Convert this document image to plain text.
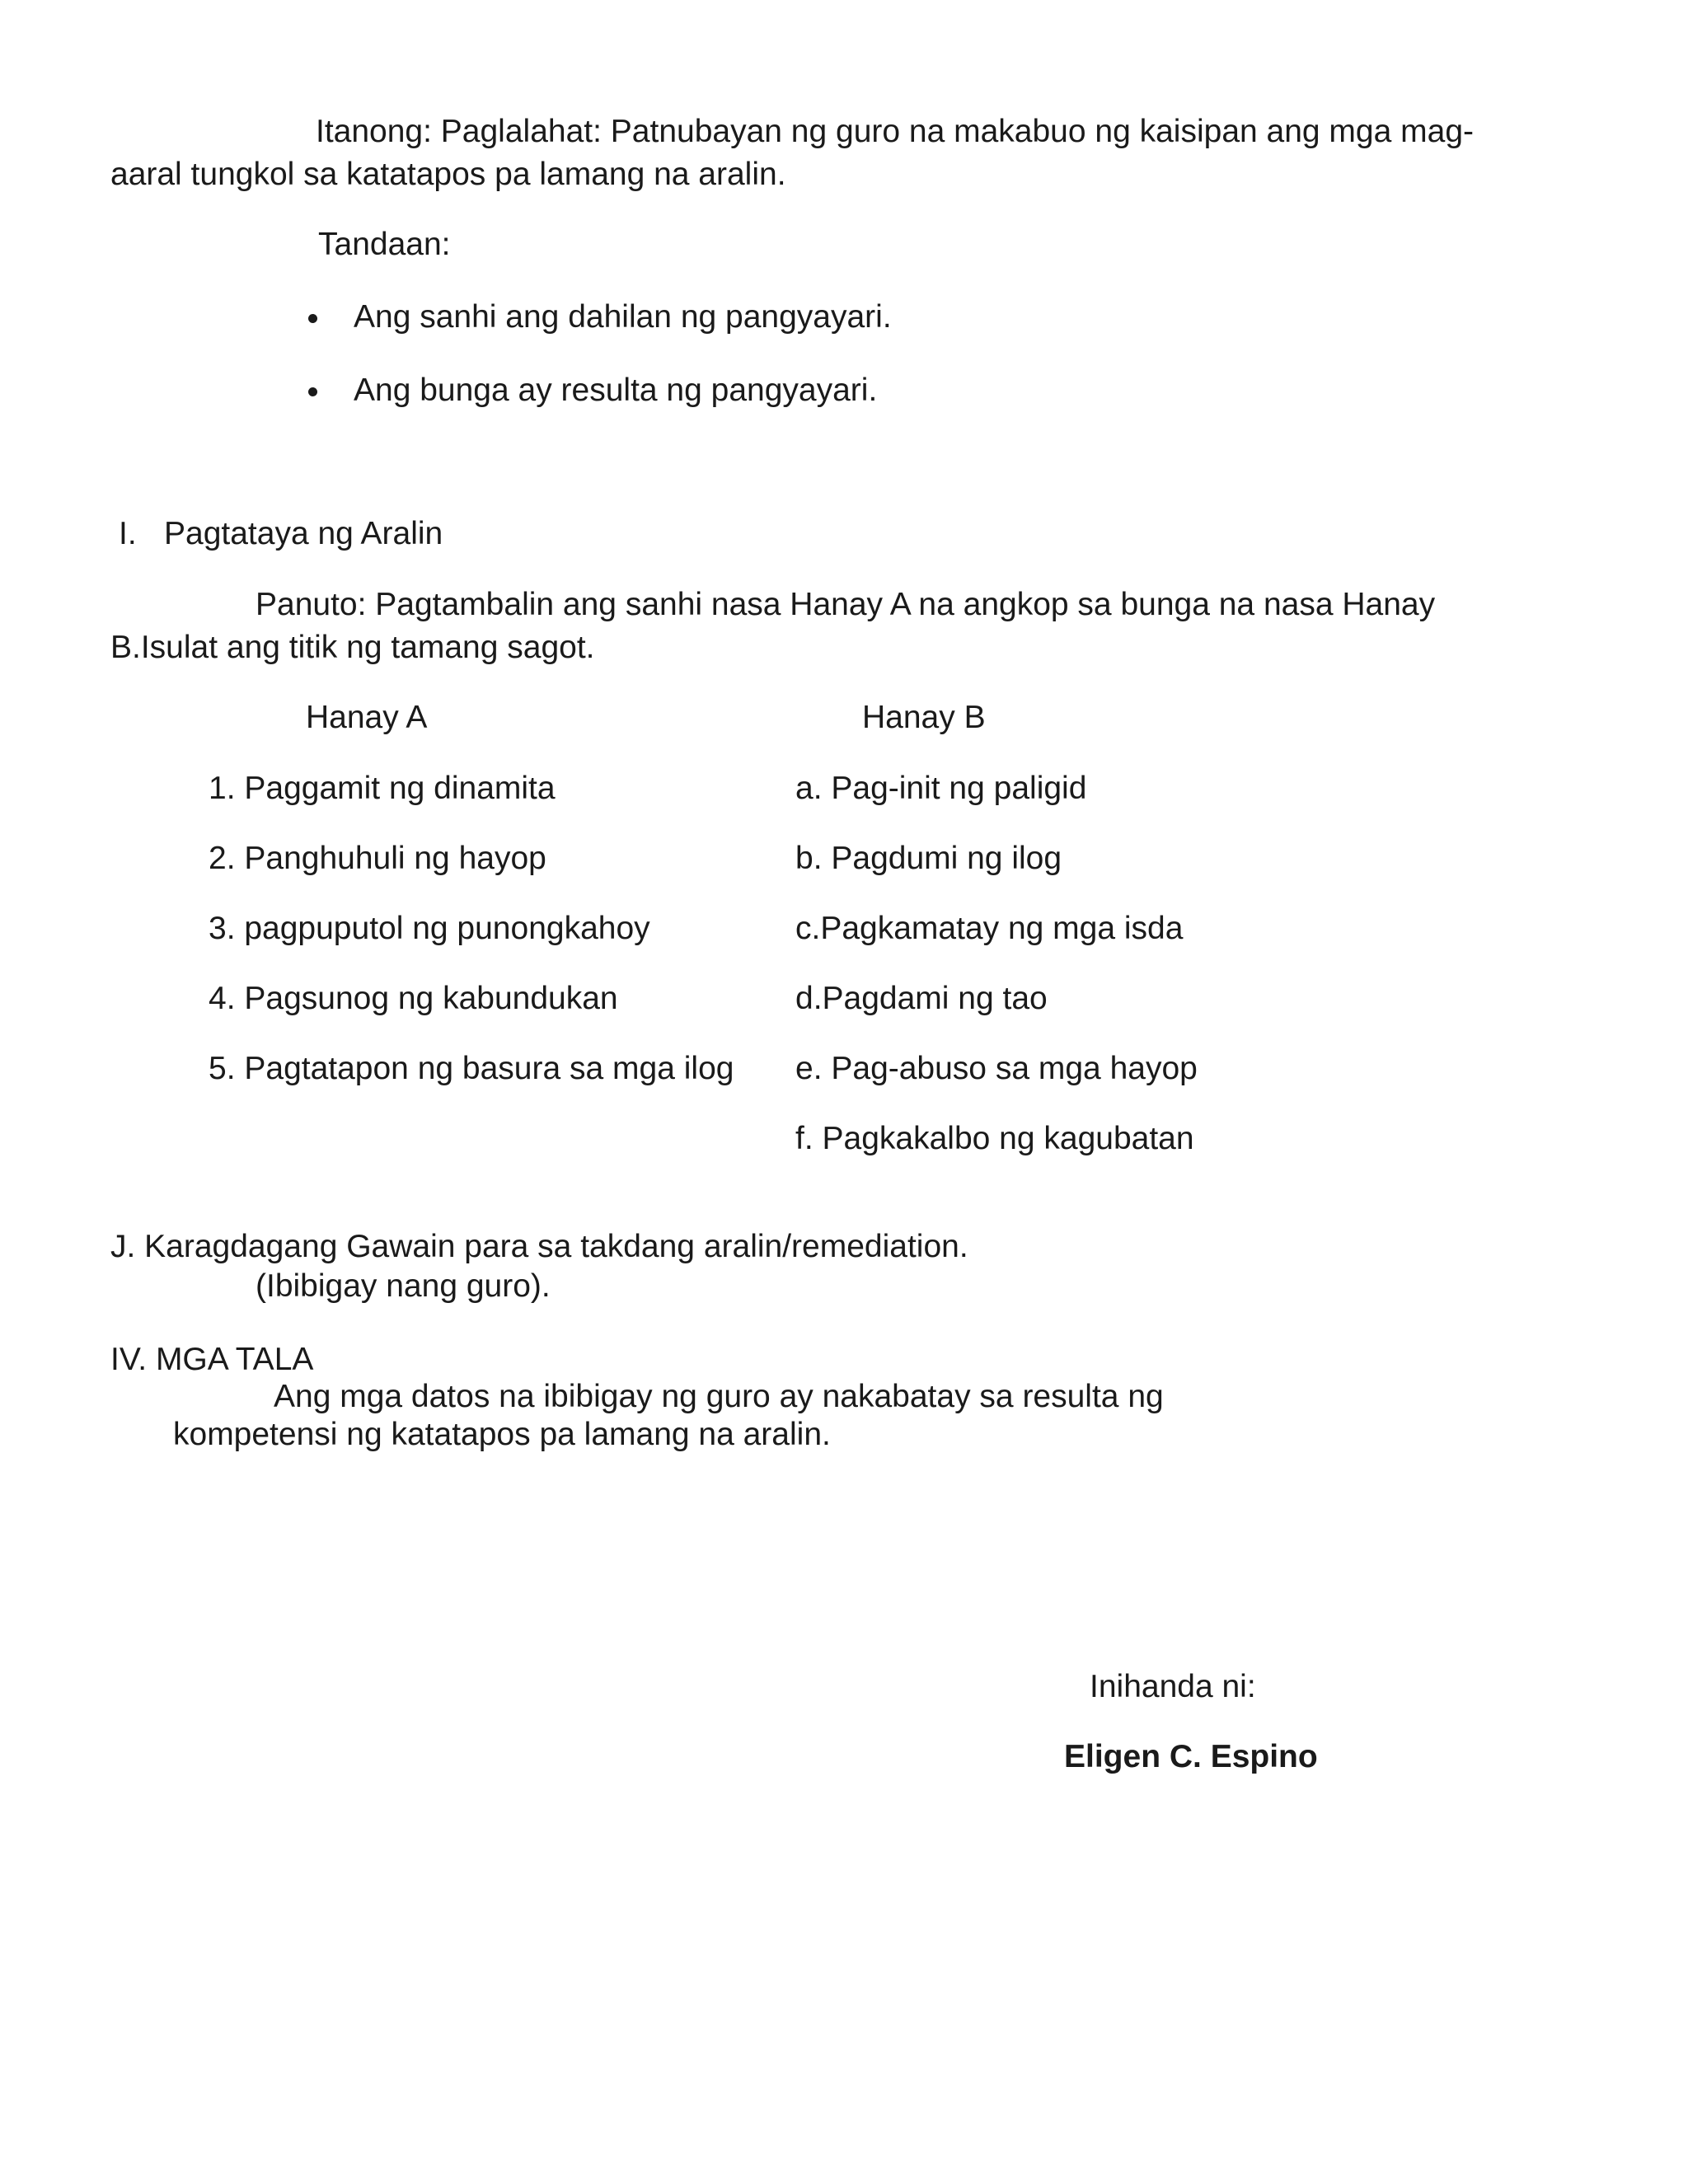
Itanong: Paglalahat: Patnubayan ng guro na makabuo ng kaisipan ang mga mag-
aaral tungkol sa katatapos pa lamang na aralin.
Tandaan:
Ang sanhi ang dahilan ng pangyayari.
Ang bunga ay resulta ng pangyayari.
I. Pagtataya ng Aralin
Panuto: Pagtambalin ang sanhi nasa Hanay A na angkop sa bunga na nasa Hanay
B.Isulat ang titik ng tamang sagot.
Hanay A	Hanay B
1. Paggamit ng dinamita
2. Panghuhuli ng hayop
3. pagpuputol ng punongkahoy
4. Pagsunog ng kabundukan
5. Pagtatapon ng basura sa mga ilog
a. Pag-init ng paligid
b. Pagdumi ng ilog
c.Pagkamatay ng mga isda
d.Pagdami ng tao
e. Pag-abuso sa mga hayop
f. Pagkakalbo ng kagubatan
J. Karagdagang Gawain para sa takdang aralin/remediation.
(Ibibigay nang guro).
IV. MGA TALA
Ang mga datos na ibibigay ng guro ay nakabatay sa resulta ng
kompetensi ng katatapos pa lamang na aralin.
Inihanda ni:
Eligen C. Espino
